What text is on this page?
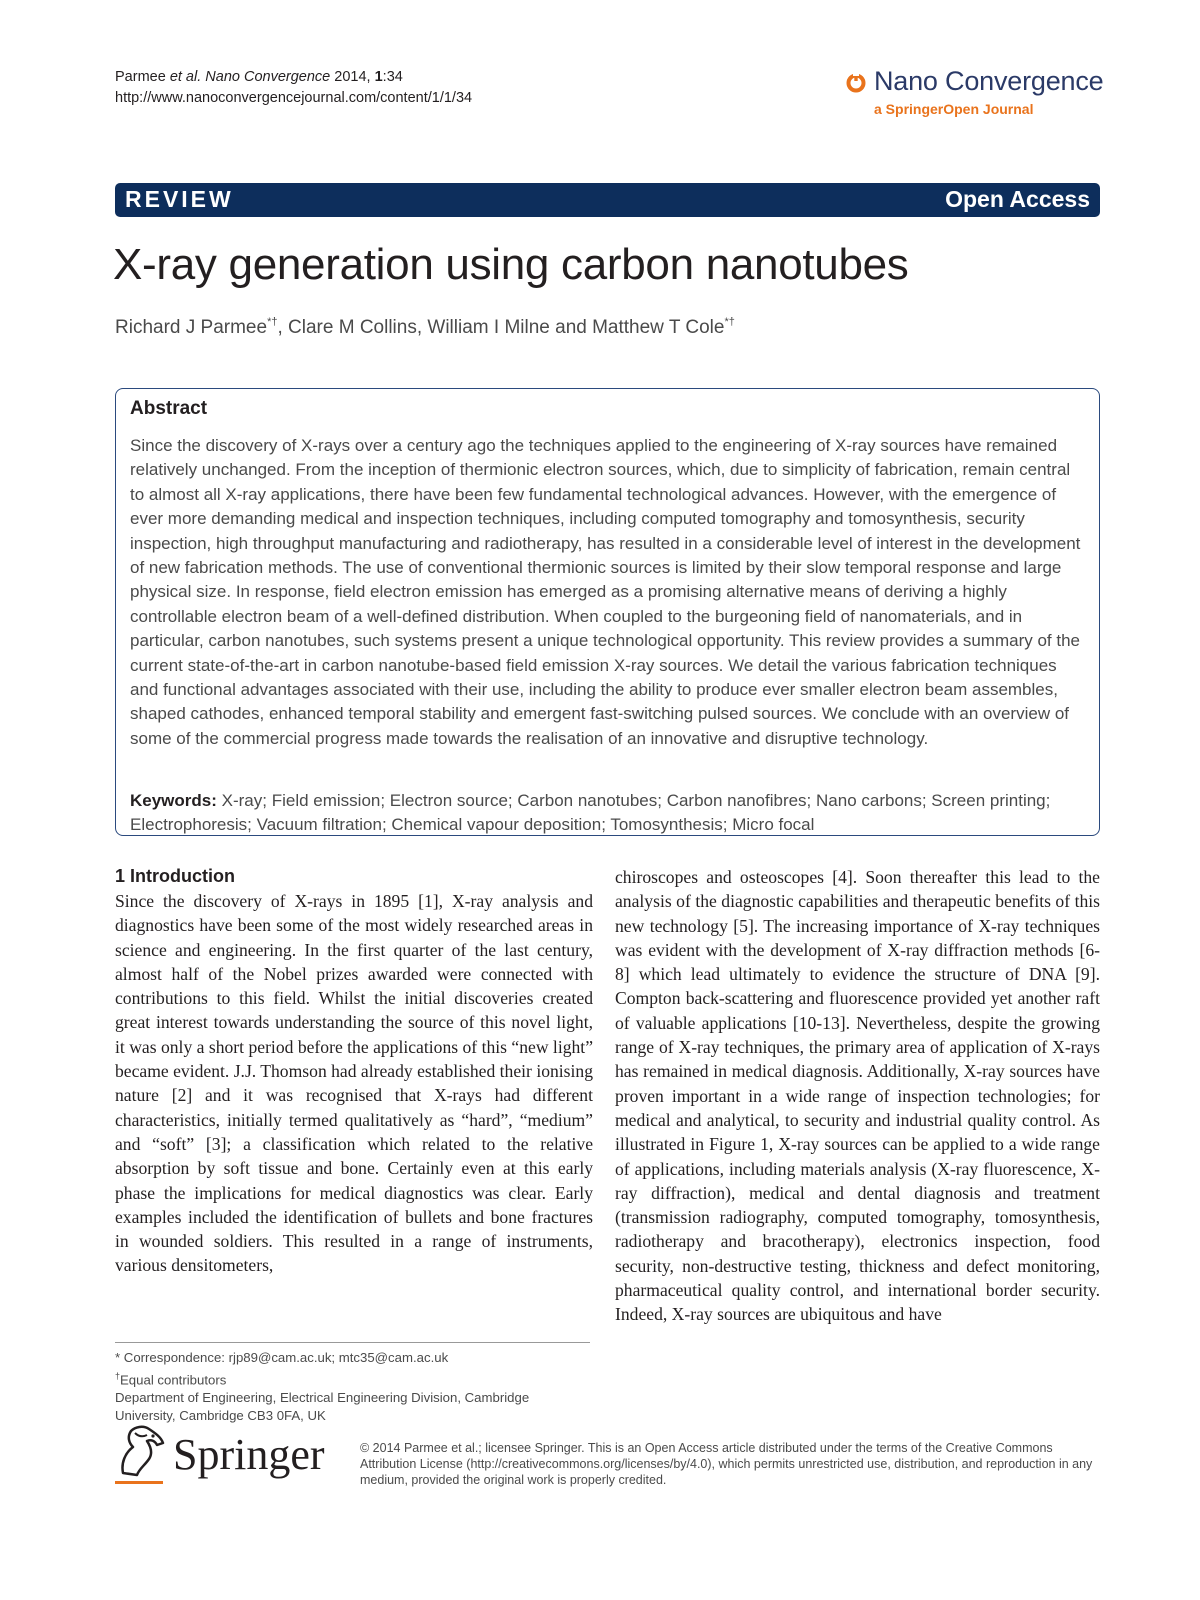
Parmee et al. Nano Convergence 2014, 1:34
http://www.nanoconvergencejournal.com/content/1/1/34
Nano Convergence
a SpringerOpen Journal
REVIEW	Open Access
X-ray generation using carbon nanotubes
Richard J Parmee*†, Clare M Collins, William I Milne and Matthew T Cole*†
Abstract

Since the discovery of X-rays over a century ago the techniques applied to the engineering of X-ray sources have remained relatively unchanged. From the inception of thermionic electron sources, which, due to simplicity of fabrication, remain central to almost all X-ray applications, there have been few fundamental technological advances. However, with the emergence of ever more demanding medical and inspection techniques, including computed tomography and tomosynthesis, security inspection, high throughput manufacturing and radiotherapy, has resulted in a considerable level of interest in the development of new fabrication methods. The use of conventional thermionic sources is limited by their slow temporal response and large physical size. In response, field electron emission has emerged as a promising alternative means of deriving a highly controllable electron beam of a well-defined distribution. When coupled to the burgeoning field of nanomaterials, and in particular, carbon nanotubes, such systems present a unique technological opportunity. This review provides a summary of the current state-of-the-art in carbon nanotube-based field emission X-ray sources. We detail the various fabrication techniques and functional advantages associated with their use, including the ability to produce ever smaller electron beam assembles, shaped cathodes, enhanced temporal stability and emergent fast-switching pulsed sources. We conclude with an overview of some of the commercial progress made towards the realisation of an innovative and disruptive technology.

Keywords: X-ray; Field emission; Electron source; Carbon nanotubes; Carbon nanofibres; Nano carbons; Screen printing; Electrophoresis; Vacuum filtration; Chemical vapour deposition; Tomosynthesis; Micro focal

1 Introduction

Since the discovery of X-rays in 1895 [1], X-ray analysis and diagnostics have been some of the most widely researched areas in science and engineering. In the first quarter of the last century, almost half of the Nobel prizes awarded were connected with contributions to this field. Whilst the initial discoveries created great interest towards understanding the source of this novel light, it was only a short period before the applications of this “new light” became evident. J.J. Thomson had already established their ionising nature [2] and it was recognised that X-rays had different characteristics, initially termed qualitatively as “hard”, “medium” and “soft” [3]; a classification which related to the relative absorption by soft tissue and bone. Certainly even at this early phase the implications for medical diagnostics was clear. Early examples included the identification of bullets and bone fractures in wounded soldiers. This resulted in a range of instruments, various densitometers,

chiroscopes and osteoscopes [4]. Soon thereafter this lead to the analysis of the diagnostic capabilities and therapeutic benefits of this new technology [5]. The increasing importance of X-ray techniques was evident with the development of X-ray diffraction methods [6-8] which lead ultimately to evidence the structure of DNA [9]. Compton back-scattering and fluorescence provided yet another raft of valuable applications [10-13]. Nevertheless, despite the growing range of X-ray techniques, the primary area of application of X-rays has remained in medical diagnosis. Additionally, X-ray sources have proven important in a wide range of inspection technologies; for medical and analytical, to security and industrial quality control. As illustrated in Figure 1, X-ray sources can be applied to a wide range of applications, including materials analysis (X-ray fluorescence, X-ray diffraction), medical and dental diagnosis and treatment (transmission radiography, computed tomography, tomosynthesis, radiotherapy and bracotherapy), electronics inspection, food security, non-destructive testing, thickness and defect monitoring, pharmaceutical quality control, and international border security. Indeed, X-ray sources are ubiquitous and have

* Correspondence: rjp89@cam.ac.uk; mtc35@cam.ac.uk
†Equal contributors
Department of Engineering, Electrical Engineering Division, Cambridge University, Cambridge CB3 0FA, UK
Springer	© 2014 Parmee et al.; licensee Springer. This is an Open Access article distributed under the terms of the Creative Commons Attribution License (http://creativecommons.org/licenses/by/4.0), which permits unrestricted use, distribution, and reproduction in any medium, provided the original work is properly credited.
